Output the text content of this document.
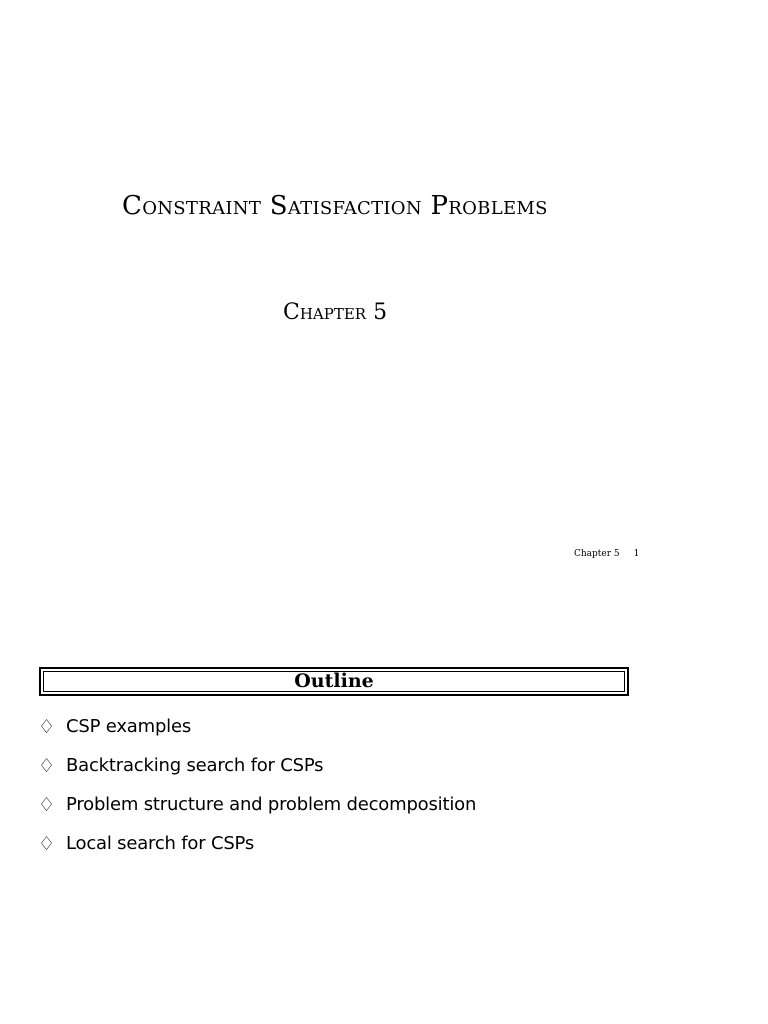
Constraint Satisfaction Problems
Chapter 5
Chapter 5 1
Outline
♢ CSP examples
♢ Backtracking search for CSPs
♢ Problem structure and problem decomposition
♢ Local search for CSPs
